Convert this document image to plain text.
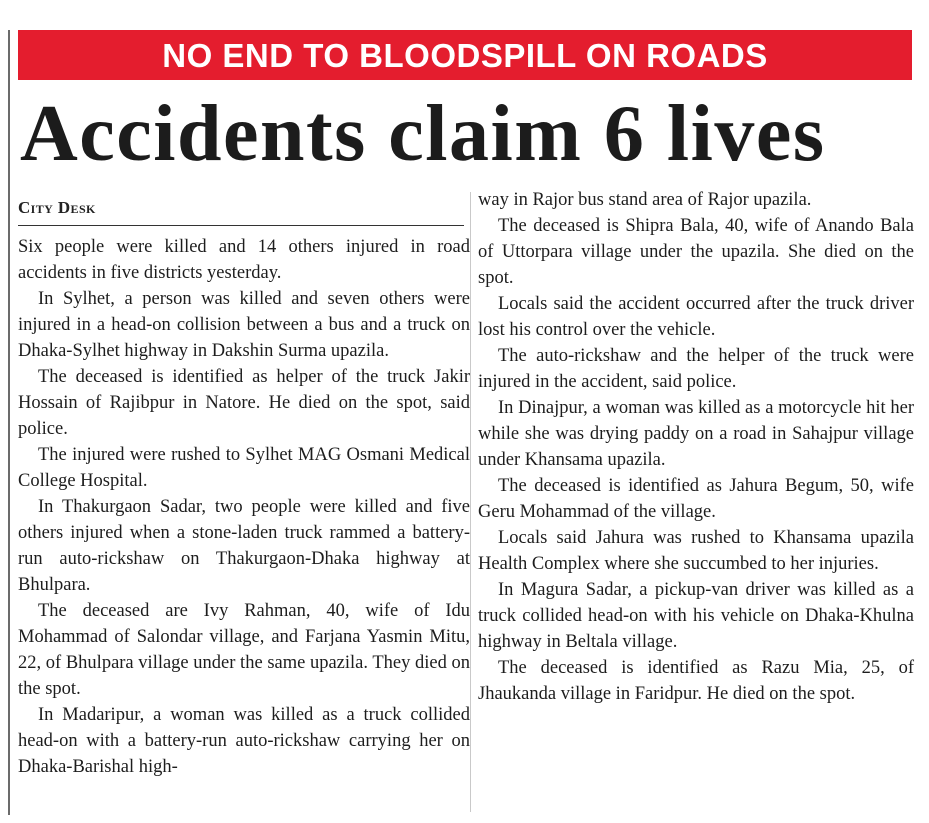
NO END TO BLOODSPILL ON ROADS
Accidents claim 6 lives
City Desk

Six people were killed and 14 others injured in road accidents in five districts yesterday.

In Sylhet, a person was killed and seven others were injured in a head-on collision between a bus and a truck on Dhaka-Sylhet highway in Dakshin Surma upazila.

The deceased is identified as helper of the truck Jakir Hossain of Rajibpur in Natore. He died on the spot, said police.

The injured were rushed to Sylhet MAG Osmani Medical College Hospital.

In Thakurgaon Sadar, two people were killed and five others injured when a stone-laden truck rammed a battery-run auto-rickshaw on Thakurgaon-Dhaka highway at Bhulpara.

The deceased are Ivy Rahman, 40, wife of Idu Mohammad of Salondar village, and Farjana Yasmin Mitu, 22, of Bhulpara village under the same upazila. They died on the spot.

In Madaripur, a woman was killed as a truck collided head-on with a battery-run auto-rickshaw carrying her on Dhaka-Barishal high-

way in Rajor bus stand area of Rajor upazila.

The deceased is Shipra Bala, 40, wife of Anando Bala of Uttorpara village under the upazila. She died on the spot.

Locals said the accident occurred after the truck driver lost his control over the vehicle.

The auto-rickshaw and the helper of the truck were injured in the accident, said police.

In Dinajpur, a woman was killed as a motorcycle hit her while she was drying paddy on a road in Sahajpur village under Khansama upazila.

The deceased is identified as Jahura Begum, 50, wife Geru Mohammad of the village.

Locals said Jahura was rushed to Khansama upazila Health Complex where she succumbed to her injuries.

In Magura Sadar, a pickup-van driver was killed as a truck collided head-on with his vehicle on Dhaka-Khulna highway in Beltala village.

The deceased is identified as Razu Mia, 25, of Jhaukanda village in Faridpur. He died on the spot.
